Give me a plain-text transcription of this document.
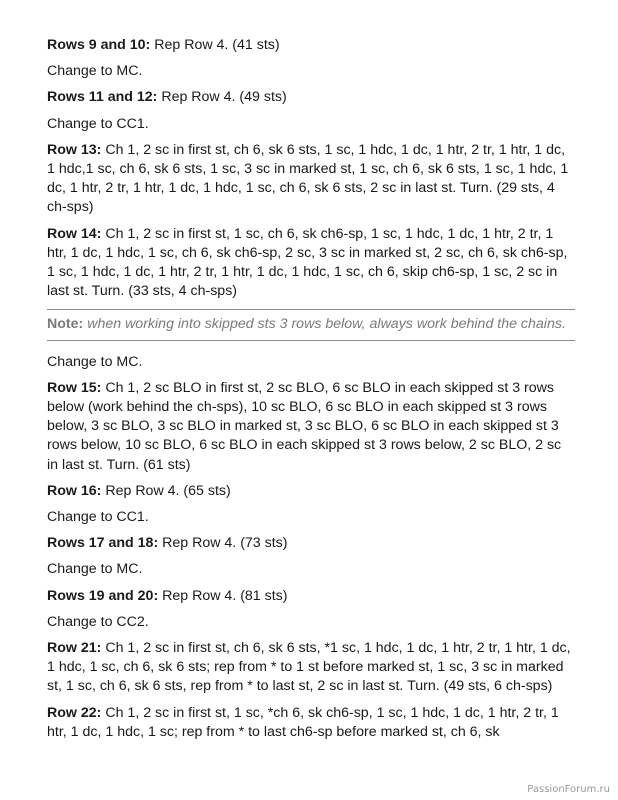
Rows 9 and 10: Rep Row 4. (41 sts)

Change to MC.

Rows 11 and 12: Rep Row 4. (49 sts)

Change to CC1.

Row 13: Ch 1, 2 sc in first st, ch 6, sk 6 sts, 1 sc, 1 hdc, 1 dc, 1 htr, 2 tr, 1 htr, 1 dc, 1 hdc,1 sc, ch 6, sk 6 sts, 1 sc, 3 sc in marked st, 1 sc, ch 6, sk 6 sts, 1 sc, 1 hdc, 1 dc, 1 htr, 2 tr, 1 htr, 1 dc, 1 hdc, 1 sc, ch 6, sk 6 sts, 2 sc in last st. Turn. (29 sts, 4 ch-sps)

Row 14: Ch 1, 2 sc in first st, 1 sc, ch 6, sk ch6-sp, 1 sc, 1 hdc, 1 dc, 1 htr, 2 tr, 1 htr, 1 dc, 1 hdc, 1 sc, ch 6, sk ch6-sp, 2 sc, 3 sc in marked st, 2 sc, ch 6, sk ch6-sp, 1 sc, 1 hdc, 1 dc, 1 htr, 2 tr, 1 htr, 1 dc, 1 hdc, 1 sc, ch 6, skip ch6-sp, 1 sc, 2 sc in last st. Turn. (33 sts, 4 ch-sps)

Note: when working into skipped sts 3 rows below, always work behind the chains.

Change to MC.

Row 15: Ch 1, 2 sc BLO in first st, 2 sc BLO, 6 sc BLO in each skipped st 3 rows below (work behind the ch-sps), 10 sc BLO, 6 sc BLO in each skipped st 3 rows below, 3 sc BLO, 3 sc BLO in marked st, 3 sc BLO, 6 sc BLO in each skipped st 3 rows below, 10 sc BLO, 6 sc BLO in each skipped st 3 rows below, 2 sc BLO, 2 sc in last st. Turn. (61 sts)

Row 16: Rep Row 4. (65 sts)

Change to CC1.

Rows 17 and 18: Rep Row 4. (73 sts)

Change to MC.

Rows 19 and 20: Rep Row 4. (81 sts)

Change to CC2.

Row 21: Ch 1, 2 sc in first st, ch 6, sk 6 sts, *1 sc, 1 hdc, 1 dc, 1 htr, 2 tr, 1 htr, 1 dc, 1 hdc, 1 sc, ch 6, sk 6 sts; rep from * to 1 st before marked st, 1 sc, 3 sc in marked st, 1 sc, ch 6, sk 6 sts, rep from * to last st, 2 sc in last st. Turn. (49 sts, 6 ch-sps)

Row 22: Ch 1, 2 sc in first st, 1 sc, *ch 6, sk ch6-sp, 1 sc, 1 hdc, 1 dc, 1 htr, 2 tr, 1 htr, 1 dc, 1 hdc, 1 sc; rep from * to last ch6-sp before marked st, ch 6, sk

PassionForum.ru
